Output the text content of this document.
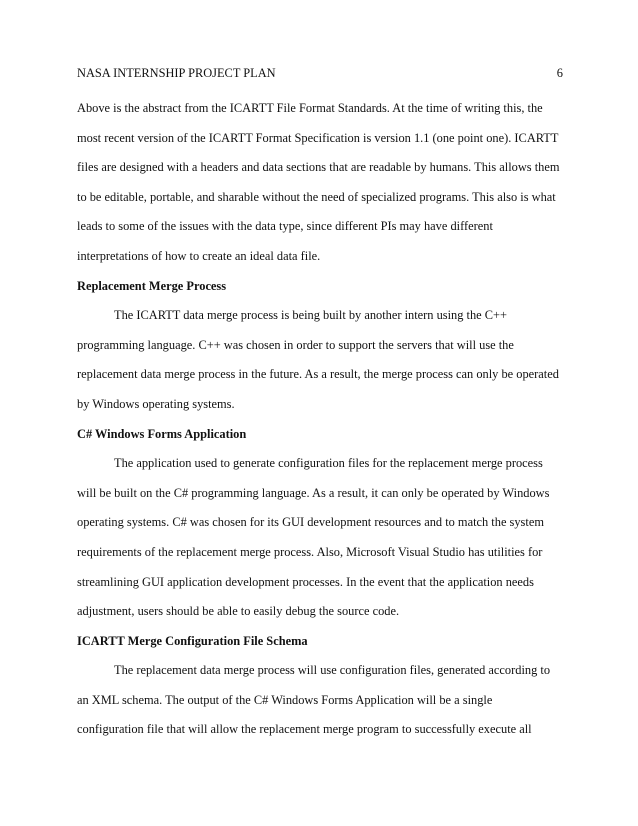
NASA INTERNSHIP PROJECT PLAN	6

Above is the abstract from the ICARTT File Format Standards. At the time of writing this, the
most recent version of the ICARTT Format Specification is version 1.1 (one point one). ICARTT
files are designed with a headers and data sections that are readable by humans. This allows them
to be editable, portable, and sharable without the need of specialized programs. This also is what
leads to some of the issues with the data type, since different PIs may have different
interpretations of how to create an ideal data file.

Replacement Merge Process

The ICARTT data merge process is being built by another intern using the C++
programming language. C++ was chosen in order to support the servers that will use the
replacement data merge process in the future. As a result, the merge process can only be operated
by Windows operating systems.

C# Windows Forms Application

The application used to generate configuration files for the replacement merge process
will be built on the C# programming language. As a result, it can only be operated by Windows
operating systems. C# was chosen for its GUI development resources and to match the system
requirements of the replacement merge process. Also, Microsoft Visual Studio has utilities for
streamlining GUI application development processes. In the event that the application needs
adjustment, users should be able to easily debug the source code.

ICARTT Merge Configuration File Schema

The replacement data merge process will use configuration files, generated according to
an XML schema. The output of the C# Windows Forms Application will be a single
configuration file that will allow the replacement merge program to successfully execute all
